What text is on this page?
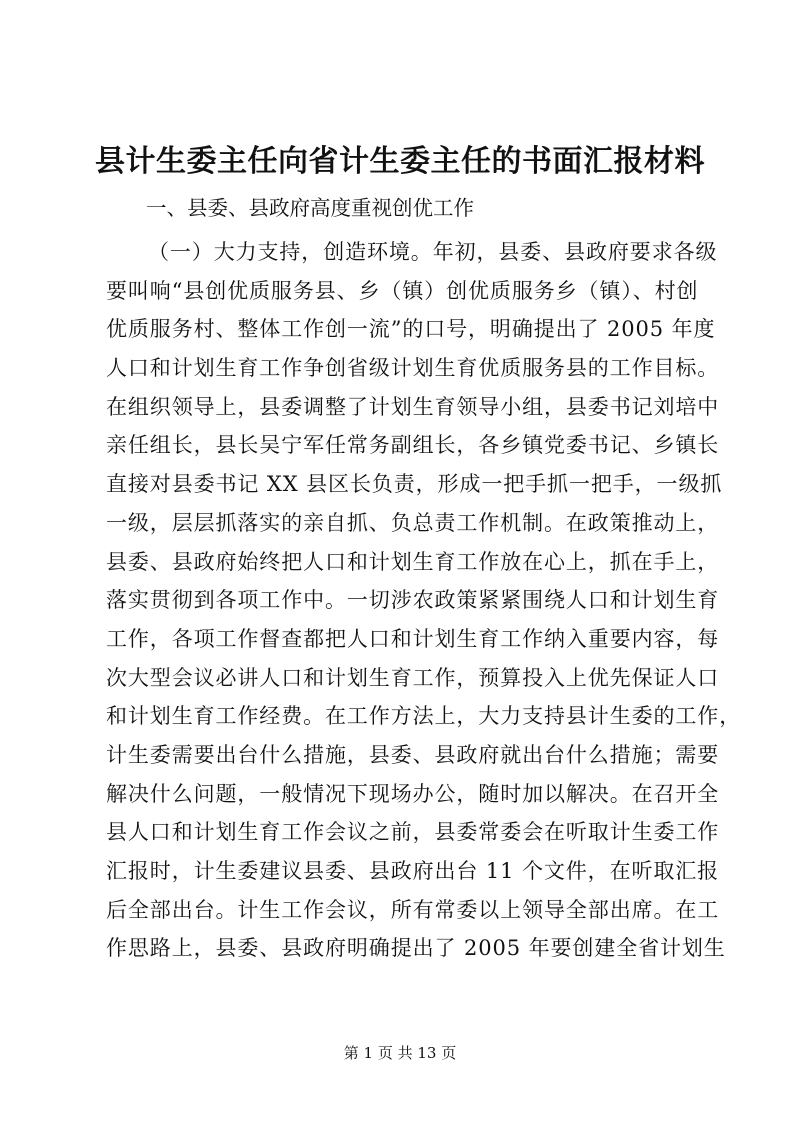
县计生委主任向省计生委主任的书面汇报材料

一、县委、县政府高度重视创优工作

（一）大力支持，创造环境。年初，县委、县政府要求各级
要叫响“县创优质服务县、乡（镇）创优质服务乡（镇）、村创
优质服务村、整体工作创一流”的口号，明确提出了 2005 年度
人口和计划生育工作争创省级计划生育优质服务县的工作目标。
在组织领导上，县委调整了计划生育领导小组，县委书记刘培中
亲任组长，县长吴宁军任常务副组长，各乡镇党委书记、乡镇长
直接对县委书记 XX 县区长负责，形成一把手抓一把手，一级抓
一级，层层抓落实的亲自抓、负总责工作机制。在政策推动上，
县委、县政府始终把人口和计划生育工作放在心上，抓在手上，
落实贯彻到各项工作中。一切涉农政策紧紧围绕人口和计划生育
工作，各项工作督查都把人口和计划生育工作纳入重要内容，每
次大型会议必讲人口和计划生育工作，预算投入上优先保证人口
和计划生育工作经费。在工作方法上，大力支持县计生委的工作，
计生委需要出台什么措施，县委、县政府就出台什么措施；需要
解决什么问题，一般情况下现场办公，随时加以解决。在召开全
县人口和计划生育工作会议之前，县委常委会在听取计生委工作
汇报时，计生委建议县委、县政府出台 11 个文件，在听取汇报
后全部出台。计生工作会议，所有常委以上领导全部出席。在工
作思路上，县委、县政府明确提出了 2005 年要创建全省计划生
第 1 页 共 13 页
